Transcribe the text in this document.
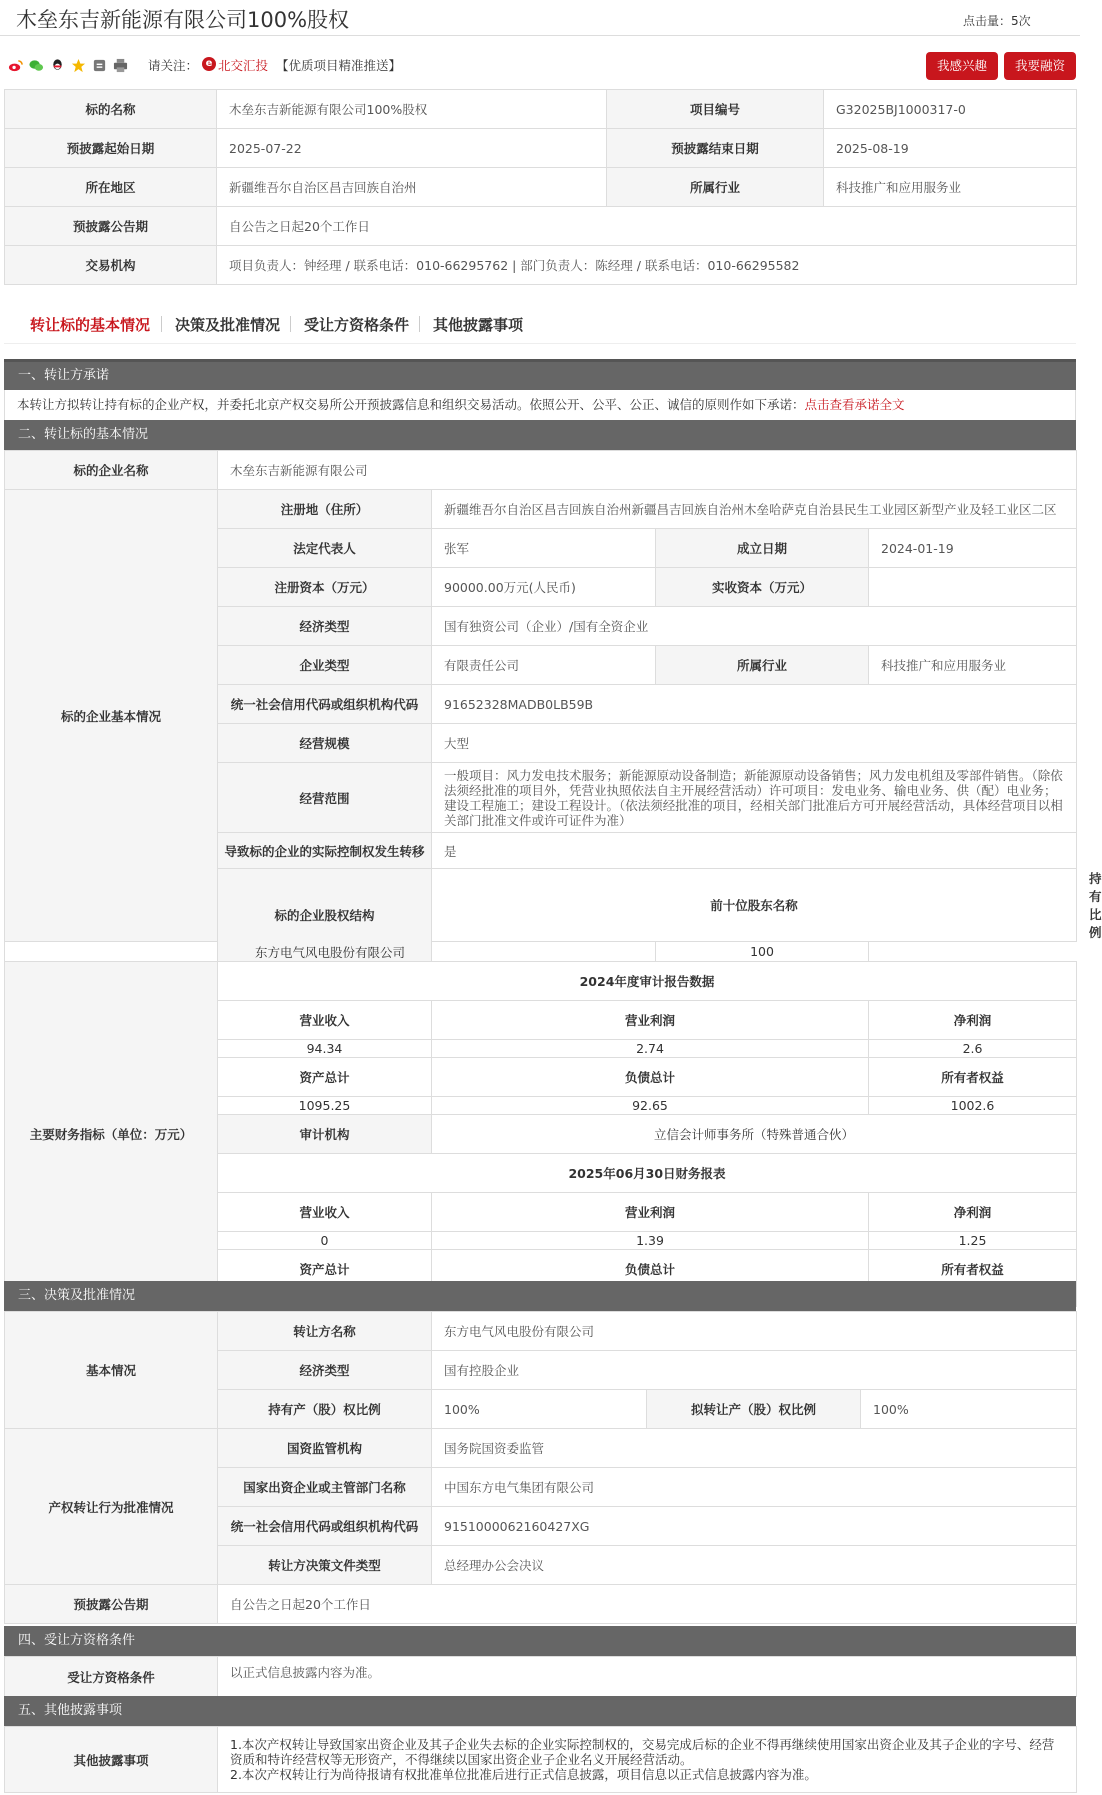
木垒东吉新能源有限公司100%股权	点击量：5次
请关注： e 北交汇投 【优质项目精准推送】	我感兴趣	我要融资
标的名称	木垒东吉新能源有限公司100%股权	项目编号	G32025BJ1000317-0
预披露起始日期	2025-07-22	预披露结束日期	2025-08-19
所在地区	新疆维吾尔自治区昌吉回族自治州	所属行业	科技推广和应用服务业
预披露公告期	自公告之日起20个工作日		
交易机构	项目负责人：钟经理 / 联系电话：010-66295762 | 部门负责人：陈经理 / 联系电话：010-66295582		
转让标的基本情况 决策及批准情况 受让方资格条件 其他披露事项
一、转让方承诺
本转让方拟转让持有标的企业产权，并委托北京产权交易所公开预披露信息和组织交易活动。依照公开、公平、公正、诚信的原则作如下承诺：点击查看承诺全文
二、转让标的基本情况
标的企业名称	木垒东吉新能源有限公司				
标的企业基本情况	注册地（住所）	新疆维吾尔自治区昌吉回族自治州新疆昌吉回族自治州木垒哈萨克自治县民生工业园区新型产业及轻工业区二区			
	法定代表人	张军	成立日期	2024-01-19	
	注册资本（万元）	90000.00万元(人民币)	实收资本（万元）		
	经济类型	国有独资公司（企业）/国有全资企业			
	企业类型	有限责任公司	所属行业	科技推广和应用服务业	
	统一社会信用代码或组织机构代码	91652328MADB0LB59B			
	经营规模	大型			
	经营范围	一般项目：风力发电技术服务；新能源原动设备制造；新能源原动设备销售；风力发电机组及零部件销售。（除依法须经批准的项目外，凭营业执照依法自主开展经营活动）许可项目：发电业务、输电业务、供（配）电业务；建设工程施工；建设工程设计。（依法须经批准的项目，经相关部门批准后方可开展经营活动，具体经营项目以相关部门批准文件或许可证件为准）			
	导致标的企业的实际控制权发生转移	是			
	标的企业股权结构	前十位股东名称			持有比例
东方电气风电股份有限公司			100		
主要财务指标（单位：万元）	2024年度审计报告数据				
	营业收入	营业利润		净利润	
	94.34	2.74		2.6	
	资产总计	负债总计		所有者权益	
	1095.25	92.65		1002.6	
	审计机构	立信会计师事务所（特殊普通合伙）			
	2025年06月30日财务报表				
	营业收入	营业利润		净利润	
	0	1.39		1.25	
	资产总计	负债总计		所有者权益	

三、决策及批准情况
基本情况	转让方名称	东方电气风电股份有限公司		
	经济类型	国有控股企业		
	持有产（股）权比例	100%	拟转让产（股）权比例	100%
产权转让行为批准情况	国资监管机构	国务院国资委监管		
	国家出资企业或主管部门名称	中国东方电气集团有限公司		
	统一社会信用代码或组织机构代码	9151000062160427XG		
	转让方决策文件类型	总经理办公会决议		
预披露公告期	自公告之日起20个工作日			
四、受让方资格条件
受让方资格条件	以正式信息披露内容为准。
五、其他披露事项
其他披露事项	
1.本次产权转让导致国家出资企业及其子企业失去标的企业实际控制权的，交易完成后标的企业不得再继续使用国家出资企业及其子企业的字号、经营资质和特许经营权等无形资产，不得继续以国家出资企业子企业名义开展经营活动。
2.本次产权转让行为尚待报请有权批准单位批准后进行正式信息披露，项目信息以正式信息披露内容为准。
